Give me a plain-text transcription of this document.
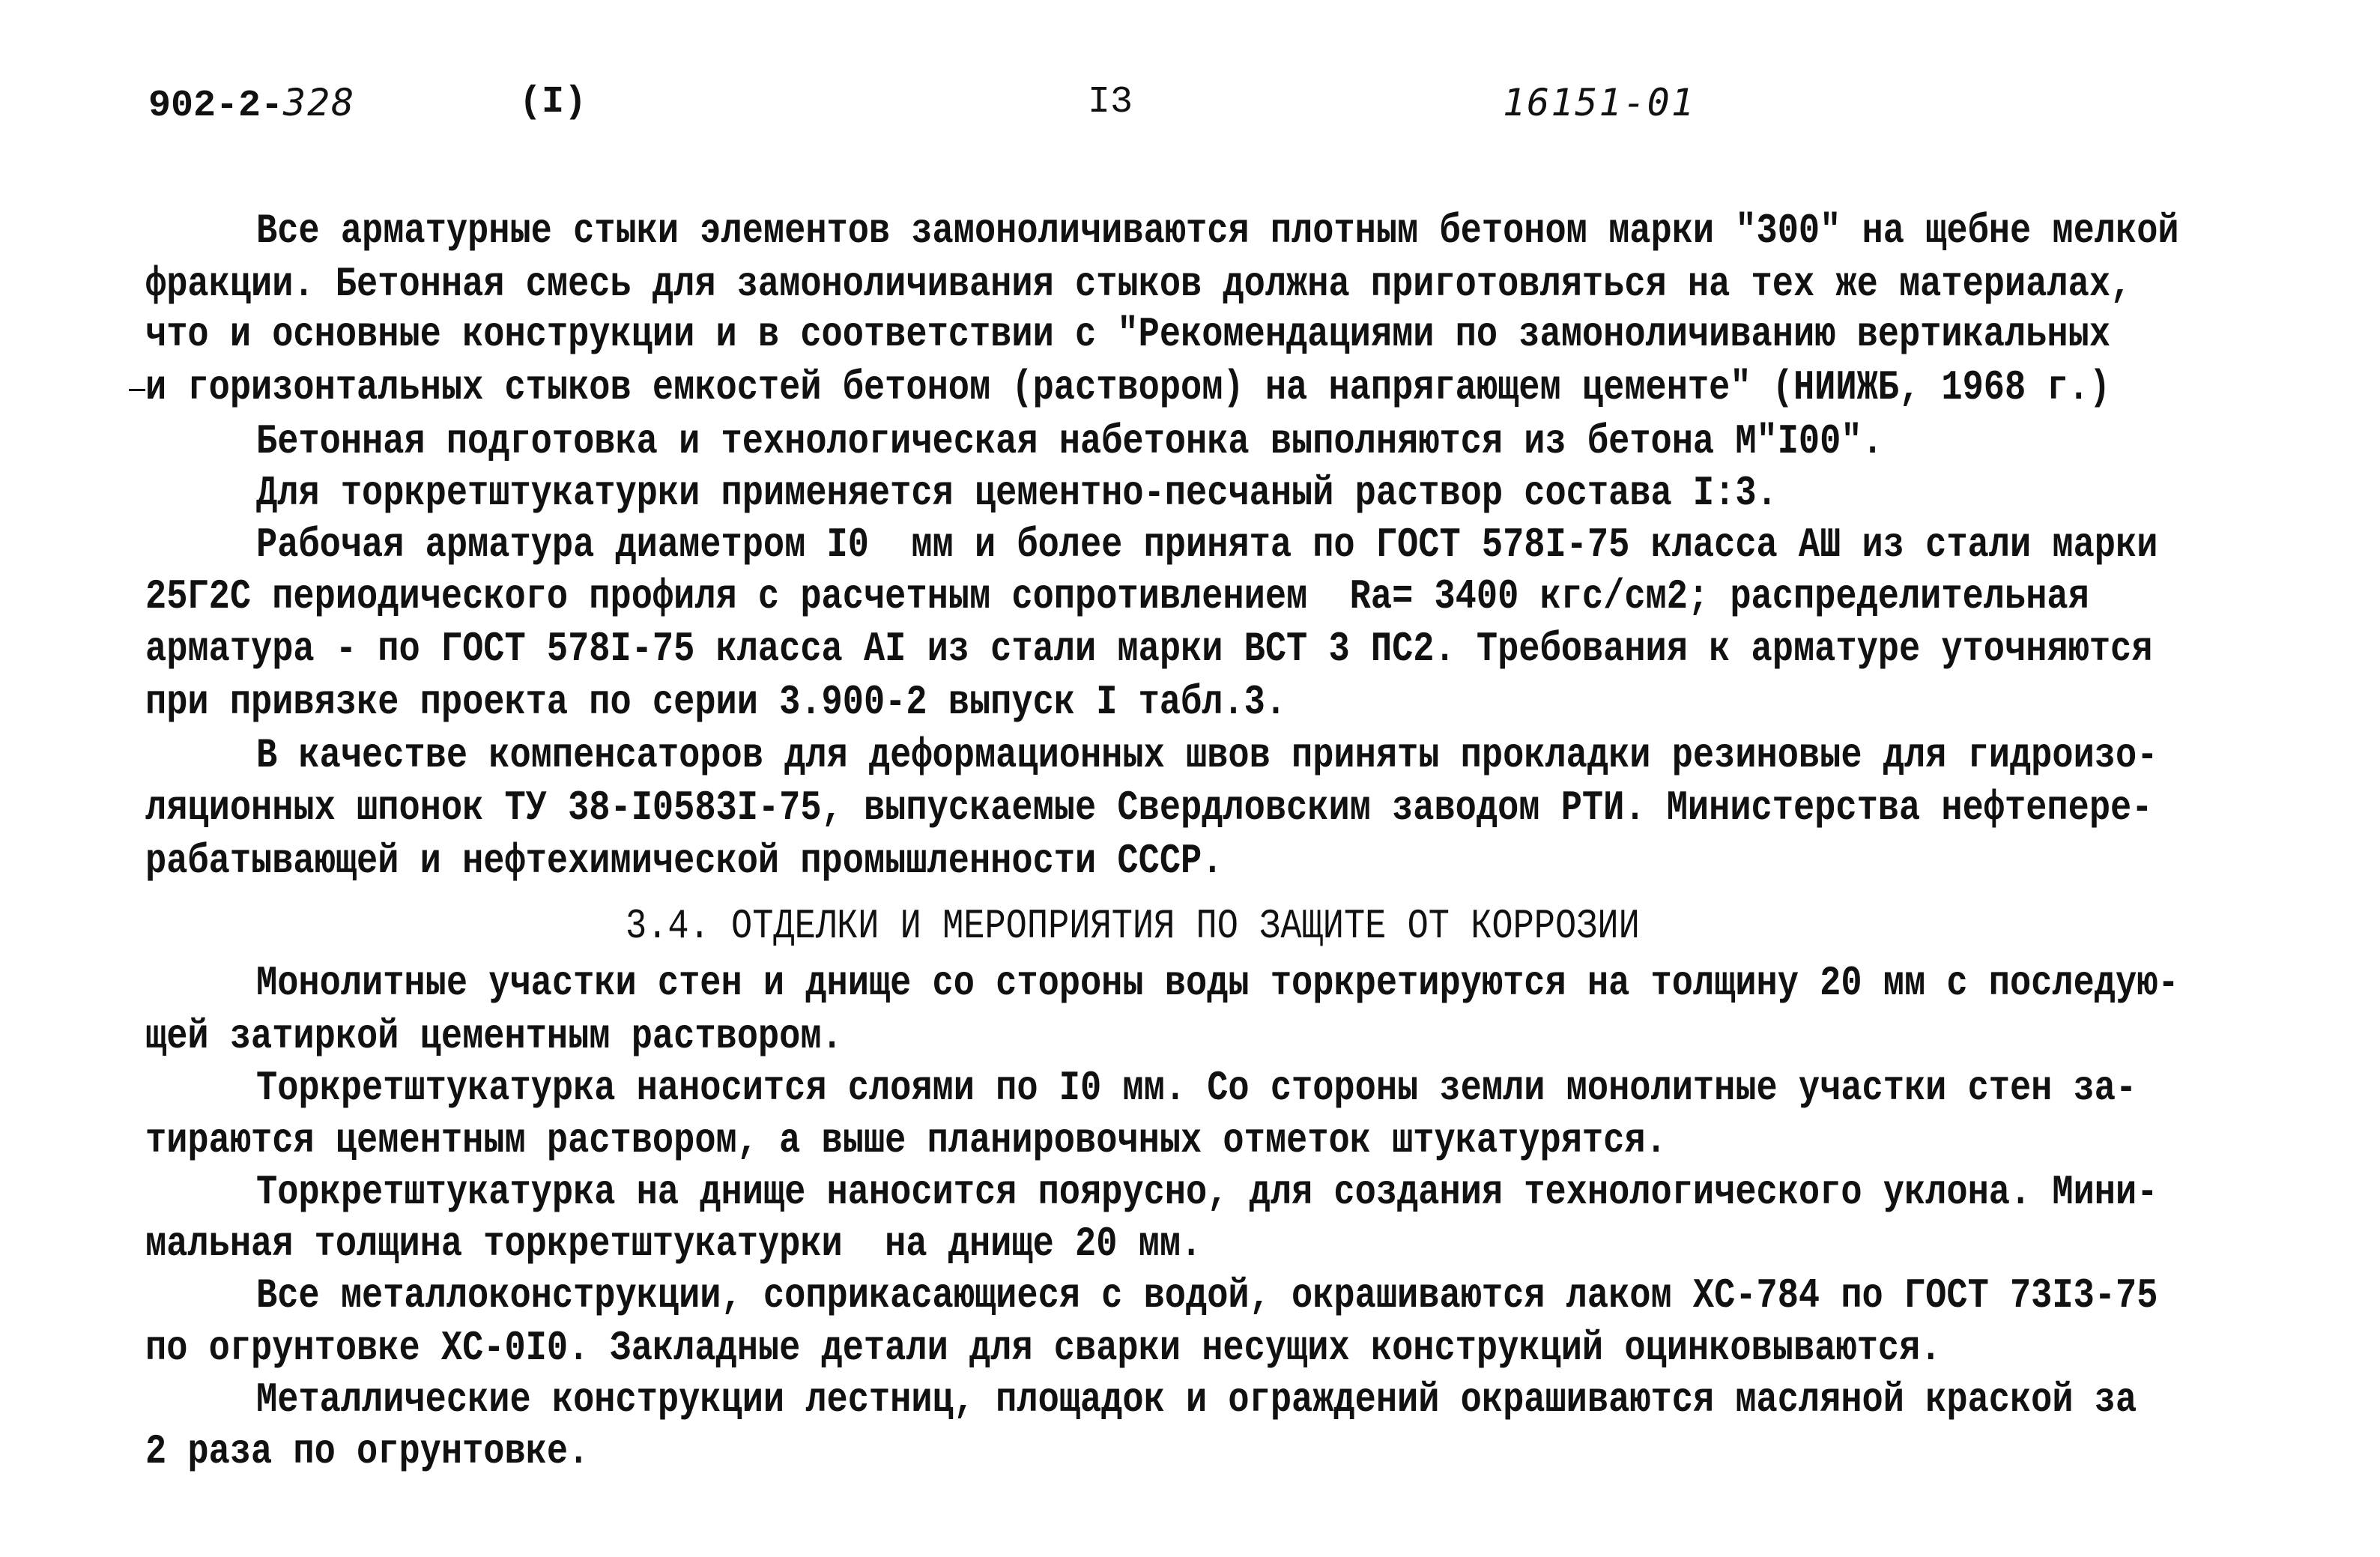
902-2-328	(I)	I3	16151-01
Все арматурные стыки элементов замоноличиваются плотным бетоном марки "300" на щебне мелкой
фракции. Бетонная смесь для замоноличивания стыков должна приготовляться на тех же материалах,
что и основные конструкции и в соответствии с "Рекомендациями по замоноличиванию вертикальных
и горизонтальных стыков емкостей бетоном (раствором) на напрягающем цементе" (НИИЖБ, 1968 г.)
Бетонная подготовка и технологическая набетонка выполняются из бетона М"I00".
Для торкретштукатурки применяется цементно-песчаный раствор состава I:3.
Рабочая арматура диаметром I0  мм и более принята по ГОСТ 578I-75 класса АШ из стали марки
25Г2С периодического профиля с расчетным сопротивлением  Rа= 3400 кгс/см2; распределительная
арматура - по ГОСТ 578I-75 класса АI из стали марки ВСТ 3 ПС2. Требования к арматуре уточняются
при привязке проекта по серии 3.900-2 выпуск I табл.3.
В качестве компенсаторов для деформационных швов приняты прокладки резиновые для гидроизо-
ляционных шпонок ТУ 38-I0583I-75, выпускаемые Свердловским заводом РТИ. Министерства нефтепере-
рабатывающей и нефтехимической промышленности СССР.
3.4. ОТДЕЛКИ И МЕРОПРИЯТИЯ ПО ЗАЩИТЕ ОТ КОРРОЗИИ
Монолитные участки стен и днище со стороны воды торкретируются на толщину 20 мм с последую-
щей затиркой цементным раствором.
Торкретштукатурка наносится слоями по I0 мм. Со стороны земли монолитные участки стен за-
тираются цементным раствором, а выше планировочных отметок штукатурятся.
Торкретштукатурка на днище наносится поярусно, для создания технологического уклона. Мини-
мальная толщина торкретштукатурки  на днище 20 мм.
Все металлоконструкции, соприкасающиеся с водой, окрашиваются лаком ХС-784 по ГОСТ 73I3-75
по огрунтовке ХС-0I0. Закладные детали для сварки несущих конструкций оцинковываются.
Металлические конструкции лестниц, площадок и ограждений окрашиваются масляной краской за
2 раза по огрунтовке.
